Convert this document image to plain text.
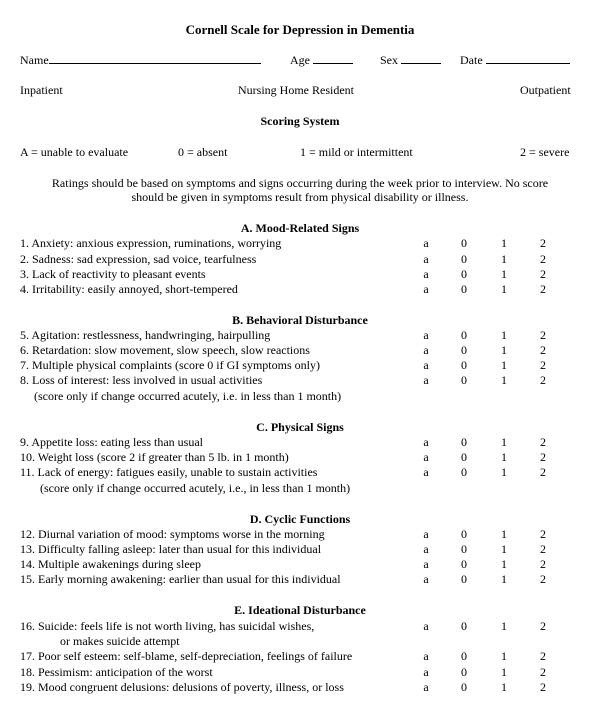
Cornell Scale for Depression in Dementia
Name	Age	Sex	Date
Inpatient	Nursing Home Resident	Outpatient
Scoring System
A = unable to evaluate	0 = absent	1 = mild or intermittent	2 = severe
Ratings should be based on symptoms and signs occurring during the week prior to interview. No score
should be given in symptoms result from physical disability or illness.
A. Mood-Related Signs
1. Anxiety: anxious expression, ruminations, worrying	a	0	1	2
2. Sadness: sad expression, sad voice, tearfulness	a	0	1	2
3. Lack of reactivity to pleasant events	a	0	1	2
4. Irritability: easily annoyed, short-tempered	a	0	1	2
B. Behavioral Disturbance
5. Agitation: restlessness, handwringing, hairpulling	a	0	1	2
6. Retardation: slow movement, slow speech, slow reactions	a	0	1	2
7. Multiple physical complaints (score 0 if GI symptoms only)	a	0	1	2
8. Loss of interest: less involved in usual activities	a	0	1	2
(score only if change occurred acutely, i.e. in less than 1 month)
C. Physical Signs
9. Appetite loss: eating less than usual	a	0	1	2
10. Weight loss (score 2 if greater than 5 lb. in 1 month)	a	0	1	2
11. Lack of energy: fatigues easily, unable to sustain activities	a	0	1	2
(score only if change occurred acutely, i.e., in less than 1 month)
D. Cyclic Functions
12. Diurnal variation of mood: symptoms worse in the morning	a	0	1	2
13. Difficulty falling asleep: later than usual for this individual	a	0	1	2
14. Multiple awakenings during sleep	a	0	1	2
15. Early morning awakening: earlier than usual for this individual	a	0	1	2
E. Ideational Disturbance
16. Suicide: feels life is not worth living, has suicidal wishes,	a	0	1	2
or makes suicide attempt
17. Poor self esteem: self-blame, self-depreciation, feelings of failure	a	0	1	2
18. Pessimism: anticipation of the worst	a	0	1	2
19. Mood congruent delusions: delusions of poverty, illness, or loss	a	0	1	2
